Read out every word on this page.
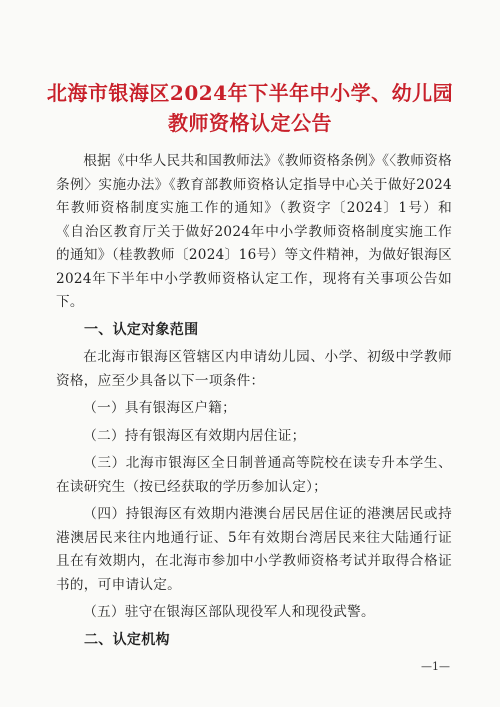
北海市银海区2024年下半年中小学、幼儿园
教师资格认定公告

根据《中华人民共和国教师法》《教师资格条例》《〈教师资格条例〉实施办法》《教育部教师资格认定指导中心关于做好2024年教师资格制度实施工作的通知》（教资字〔2024〕1号）和《自治区教育厅关于做好2024年中小学教师资格制度实施工作的通知》（桂教教师〔2024〕16号）等文件精神，为做好银海区2024年下半年中小学教师资格认定工作，现将有关事项公告如下。

一、认定对象范围

在北海市银海区管辖区内申请幼儿园、小学、初级中学教师资格，应至少具备以下一项条件：

（一）具有银海区户籍；

（二）持有银海区有效期内居住证；

（三）北海市银海区全日制普通高等院校在读专升本学生、在读研究生（按已经获取的学历参加认定）；

（四）持银海区有效期内港澳台居民居住证的港澳居民或持港澳居民来往内地通行证、5年有效期台湾居民来往大陆通行证且在有效期内，在北海市参加中小学教师资格考试并取得合格证书的，可申请认定。

（五）驻守在银海区部队现役军人和现役武警。

二、认定机构

—1—
